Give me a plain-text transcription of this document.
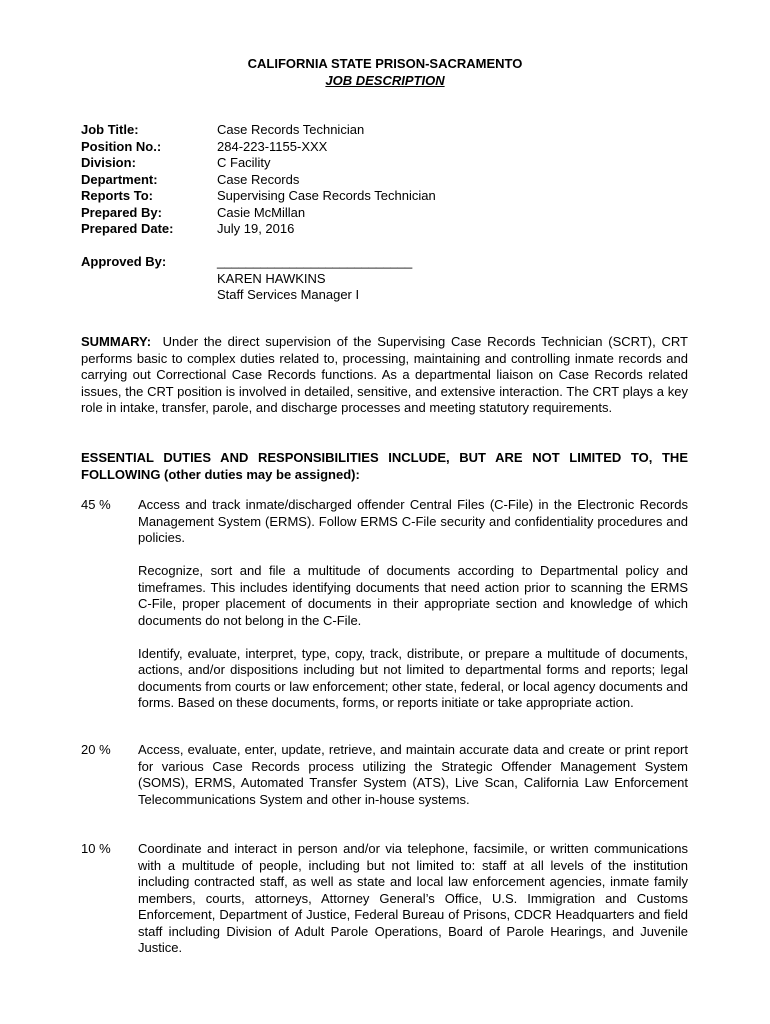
CALIFORNIA STATE PRISON-SACRAMENTO
JOB DESCRIPTION
Job Title:	Case Records Technician
Position No.:	284-223-1155-XXX
Division:	C Facility
Department:	Case Records
Reports To:	Supervising Case Records Technician
Prepared By:	Casie McMillan
Prepared Date:	July 19, 2016
Approved By:	___________________________
KAREN HAWKINS
Staff Services Manager I
SUMMARY: Under the direct supervision of the Supervising Case Records Technician (SCRT), CRT performs basic to complex duties related to, processing, maintaining and controlling inmate records and carrying out Correctional Case Records functions. As a departmental liaison on Case Records related issues, the CRT position is involved in detailed, sensitive, and extensive interaction. The CRT plays a key role in intake, transfer, parole, and discharge processes and meeting statutory requirements.
ESSENTIAL DUTIES AND RESPONSIBILITIES INCLUDE, BUT ARE NOT LIMITED TO, THE FOLLOWING (other duties may be assigned):
45 %	Access and track inmate/discharged offender Central Files (C-File) in the Electronic Records Management System (ERMS). Follow ERMS C-File security and confidentiality procedures and policies.

Recognize, sort and file a multitude of documents according to Departmental policy and timeframes. This includes identifying documents that need action prior to scanning the ERMS C-File, proper placement of documents in their appropriate section and knowledge of which documents do not belong in the C-File.

Identify, evaluate, interpret, type, copy, track, distribute, or prepare a multitude of documents, actions, and/or dispositions including but not limited to departmental forms and reports; legal documents from courts or law enforcement; other state, federal, or local agency documents and forms. Based on these documents, forms, or reports initiate or take appropriate action.

20 %	Access, evaluate, enter, update, retrieve, and maintain accurate data and create or print report for various Case Records process utilizing the Strategic Offender Management System (SOMS), ERMS, Automated Transfer System (ATS), Live Scan, California Law Enforcement Telecommunications System and other in-house systems.

10 %	Coordinate and interact in person and/or via telephone, facsimile, or written communications with a multitude of people, including but not limited to: staff at all levels of the institution including contracted staff, as well as state and local law enforcement agencies, inmate family members, courts, attorneys, Attorney General’s Office, U.S. Immigration and Customs Enforcement, Department of Justice, Federal Bureau of Prisons, CDCR Headquarters and field staff including Division of Adult Parole Operations, Board of Parole Hearings, and Juvenile Justice.
